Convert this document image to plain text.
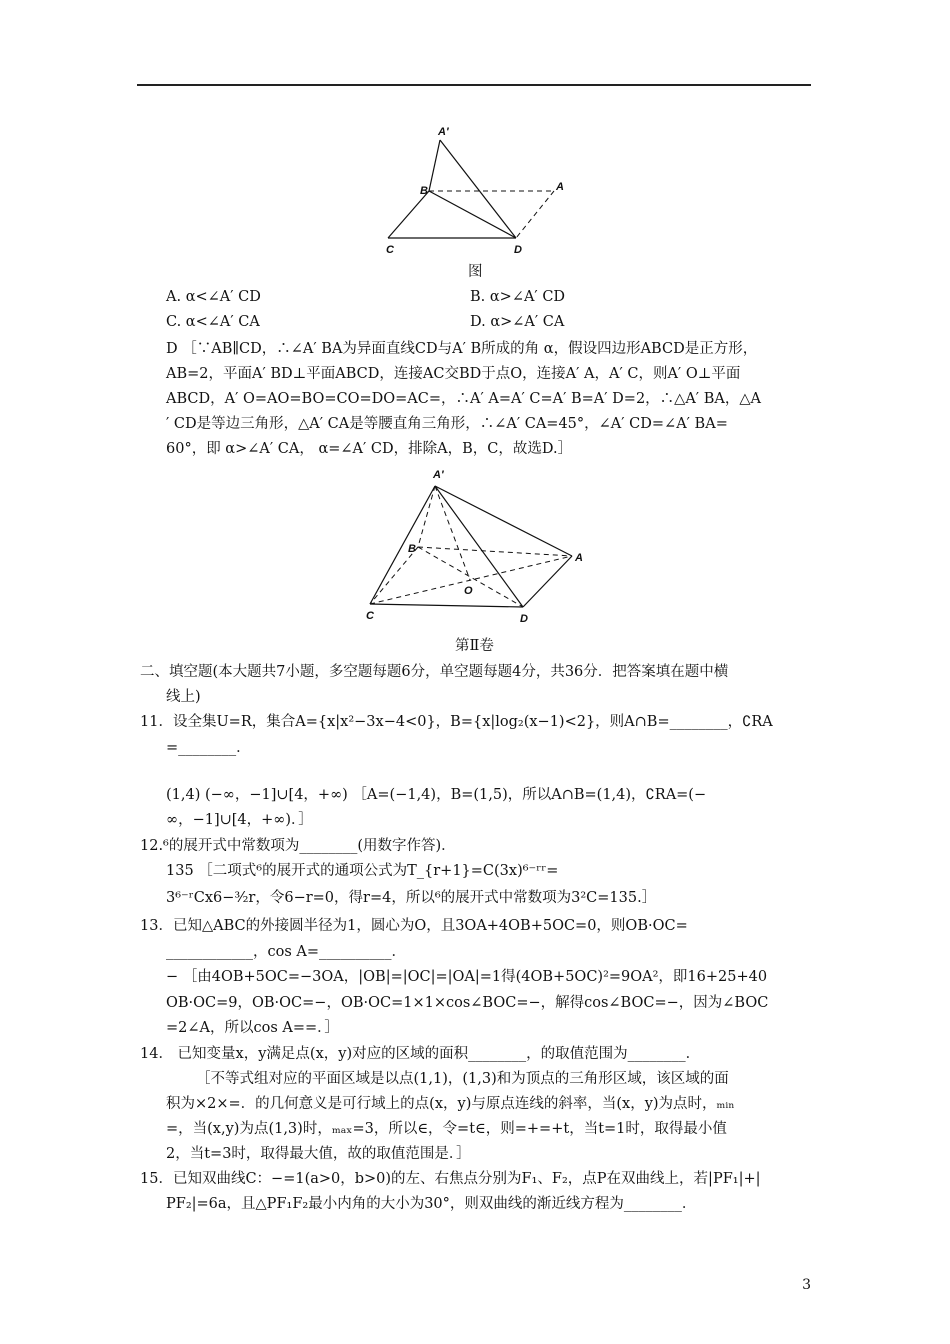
A′
B	A
C	D
图
A. α<∠A′ CD	B. α>∠A′ CD
C. α<∠A′ CA	D. α>∠A′ CA
D ［∵AB∥CD，∴∠A′ BA为异面直线CD与A′ B所成的角 α，假设四边形ABCD是正方形，
AB=2，平面A′ BD⊥平面ABCD，连接AC交BD于点O，连接A′ A，A′ C，则A′ O⊥平面
ABCD，A′ O=AO=BO=CO=DO=AC=，∴A′ A=A′ C=A′ B=A′ D=2，∴△A′ BA，△A
′ CD是等边三角形，△A′ CA是等腰直角三角形，∴∠A′ CA=45°，∠A′ CD=∠A′ BA=
60°，即 α>∠A′ CA， α=∠A′ CD，排除A，B，C，故选D.］
A′
B
A
O
C	D
第Ⅱ卷
二、填空题(本大题共7小题，多空题每题6分，单空题每题4分，共36分．把答案填在题中横
线上)
11．设全集U=R，集合A={x|x²−3x−4<0}，B={x|log₂(x−1)<2}，则A∩B=________，∁RA
=________．
(1,4) (−∞，−1]∪[4，+∞) ［A=(−1,4)，B=(1,5)，所以A∩B=(1,4)，∁RA=(−
∞，−1]∪[4，+∞)．］
12.⁶的展开式中常数项为________(用数字作答)．
135 ［二项式⁶的展开式的通项公式为T_{r+1}=C(3x)⁶⁻ʳʳ=
3⁶⁻ʳCx6−³⁄₂r，令6−r=0，得r=4，所以⁶的展开式中常数项为3²C=135.］
13．已知△ABC的外接圆半径为1，圆心为O，且3OA+4OB+5OC=0，则OB·OC=
____________，cos A=__________．
− ［由4OB+5OC=−3OA，|OB|=|OC|=|OA|=1得(4OB+5OC)²=9OA²，即16+25+40
OB·OC=9，OB·OC=−，OB·OC=1×1×cos∠BOC=−，解得cos∠BOC=−，因为∠BOC
=2∠A，所以cos A==．］
14． 已知变量x，y满足点(x，y)对应的区域的面积________，的取值范围为________．
［不等式组对应的平面区域是以点(1,1)，(1,3)和为顶点的三角形区域，该区域的面
积为×2×=．的几何意义是可行域上的点(x，y)与原点连线的斜率，当(x，y)为点时，ₘᵢₙ
=，当(x,y)为点(1,3)时，ₘₐₓ=3，所以∈，令=t∈，则=+=+t，当t=1时，取得最小值
2，当t=3时，取得最大值，故的取值范围是．］
15．已知双曲线C：−=1(a>0，b>0)的左、右焦点分别为F₁、F₂，点P在双曲线上，若|PF₁|+|
PF₂|=6a，且△PF₁F₂最小内角的大小为30°，则双曲线的渐近线方程为________．
3
